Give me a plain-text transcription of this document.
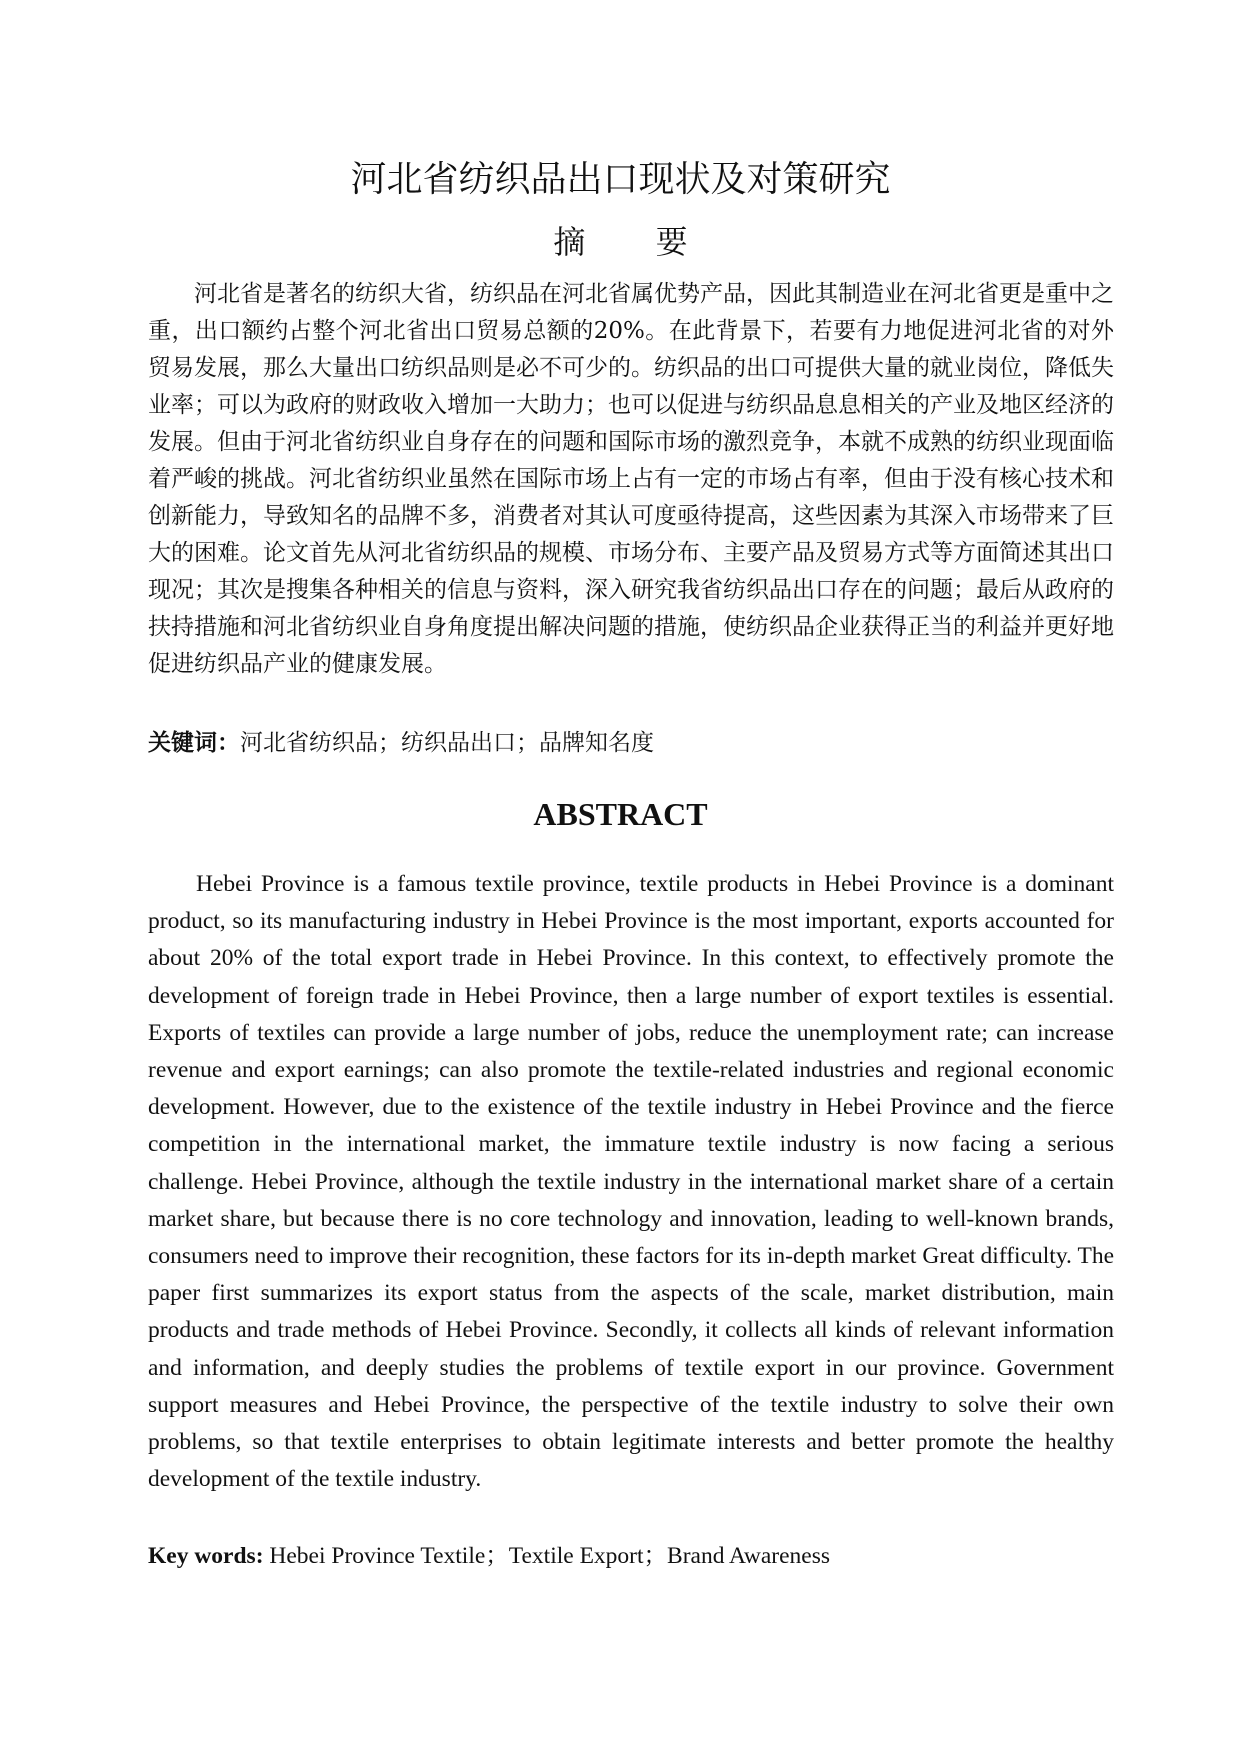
河北省纺织品出口现状及对策研究
摘 要

河北省是著名的纺织大省，纺织品在河北省属优势产品，因此其制造业在河北省更是重中之重，出口额约占整个河北省出口贸易总额的20%。在此背景下，若要有力地促进河北省的对外贸易发展，那么大量出口纺织品则是必不可少的。纺织品的出口可提供大量的就业岗位，降低失业率；可以为政府的财政收入增加一大助力；也可以促进与纺织品息息相关的产业及地区经济的发展。但由于河北省纺织业自身存在的问题和国际市场的激烈竞争，本就不成熟的纺织业现面临着严峻的挑战。河北省纺织业虽然在国际市场上占有一定的市场占有率，但由于没有核心技术和创新能力，导致知名的品牌不多，消费者对其认可度亟待提高，这些因素为其深入市场带来了巨大的困难。论文首先从河北省纺织品的规模、市场分布、主要产品及贸易方式等方面简述其出口现况；其次是搜集各种相关的信息与资料，深入研究我省纺织品出口存在的问题；最后从政府的扶持措施和河北省纺织业自身角度提出解决问题的措施，使纺织品企业获得正当的利益并更好地促进纺织品产业的健康发展。

关键词：河北省纺织品；纺织品出口；品牌知名度

ABSTRACT

Hebei Province is a famous textile province, textile products in Hebei Province is a dominant product, so its manufacturing industry in Hebei Province is the most important, exports accounted for about 20% of the total export trade in Hebei Province. In this context, to effectively promote the development of foreign trade in Hebei Province, then a large number of export textiles is essential. Exports of textiles can provide a large number of jobs, reduce the unemployment rate; can increase revenue and export earnings; can also promote the textile-related industries and regional economic development. However, due to the existence of the textile industry in Hebei Province and the fierce competition in the international market, the immature textile industry is now facing a serious challenge. Hebei Province, although the textile industry in the international market share of a certain market share, but because there is no core technology and innovation, leading to well-known brands, consumers need to improve their recognition, these factors for its in-depth market Great difficulty. The paper first summarizes its export status from the aspects of the scale, market distribution, main products and trade methods of Hebei Province. Secondly, it collects all kinds of relevant information and information, and deeply studies the problems of textile export in our province. Government support measures and Hebei Province, the perspective of the textile industry to solve their own problems, so that textile enterprises to obtain legitimate interests and better promote the healthy development of the textile industry.

Key words: Hebei Province Textile；Textile Export；Brand Awareness
